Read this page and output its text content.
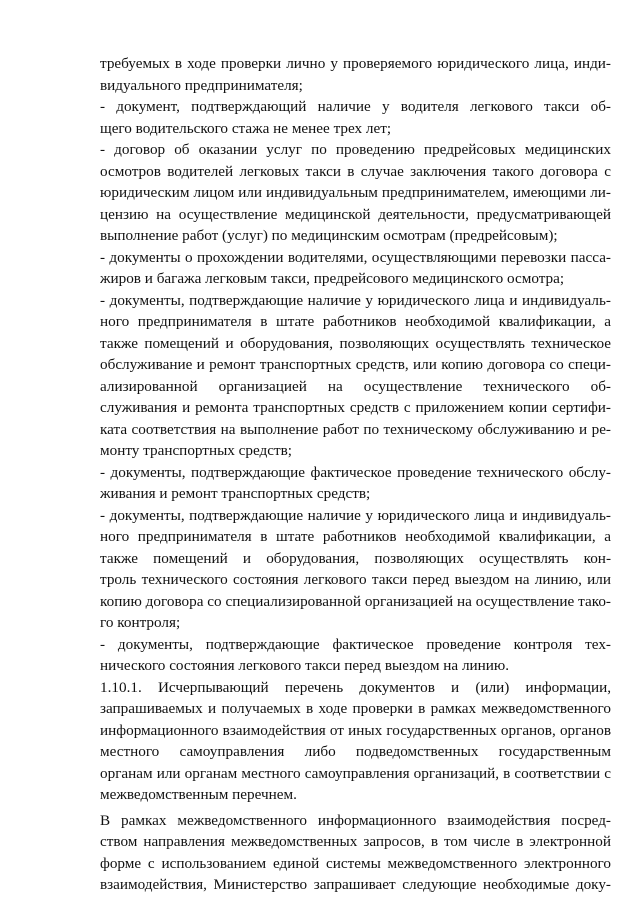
требуемых в ходе проверки лично у проверяемого юридического лица, инди-
видуального предпринимателя;
- документ, подтверждающий наличие у водителя легкового такси об-
щего водительского стажа не менее трех лет;
- договор об оказании услуг по проведению предрейсовых медицинских
осмотров водителей легковых такси в случае заключения такого договора с
юридическим лицом или индивидуальным предпринимателем, имеющими ли-
цензию на осуществление медицинской деятельности, предусматривающей
выполнение работ (услуг) по медицинским осмотрам (предрейсовым);
- документы о прохождении водителями, осуществляющими перевозки пасса-
жиров и багажа легковым такси, предрейсового медицинского осмотра;
- документы, подтверждающие наличие у юридического лица и индивидуаль-
ного предпринимателя в штате работников необходимой квалификации, а
также помещений и оборудования, позволяющих осуществлять техническое
обслуживание и ремонт транспортных средств, или копию договора со специ-
ализированной организацией на осуществление технического об-
служивания и ремонта транспортных средств с приложением копии сертифи-
ката соответствия на выполнение работ по техническому обслуживанию и ре-
монту транспортных средств;
- документы, подтверждающие фактическое проведение технического обслу-
живания и ремонт транспортных средств;
- документы, подтверждающие наличие у юридического лица и индивидуаль-
ного предпринимателя в штате работников необходимой квалификации, а
также помещений и оборудования, позволяющих осуществлять кон-
троль технического состояния легкового такси перед выездом на линию, или
копию договора со специализированной организацией на осуществление тако-
го контроля;
- документы, подтверждающие фактическое проведение контроля тех-
нического состояния легкового такси перед выездом на линию.
1.10.1. Исчерпывающий перечень документов и (или) информации,
запрашиваемых и получаемых в ходе проверки в рамках межведомственного
информационного взаимодействия от иных государственных органов, органов
местного самоуправления либо подведомственных государственным
органам или органам местного самоуправления организаций, в соответствии с
межведомственным перечнем.
В рамках межведомственного информационного взаимодействия посред-
ством направления межведомственных запросов, в том числе в электронной
форме с использованием единой системы межведомственного электронного
взаимодействия, Министерство запрашивает следующие необходимые доку-
